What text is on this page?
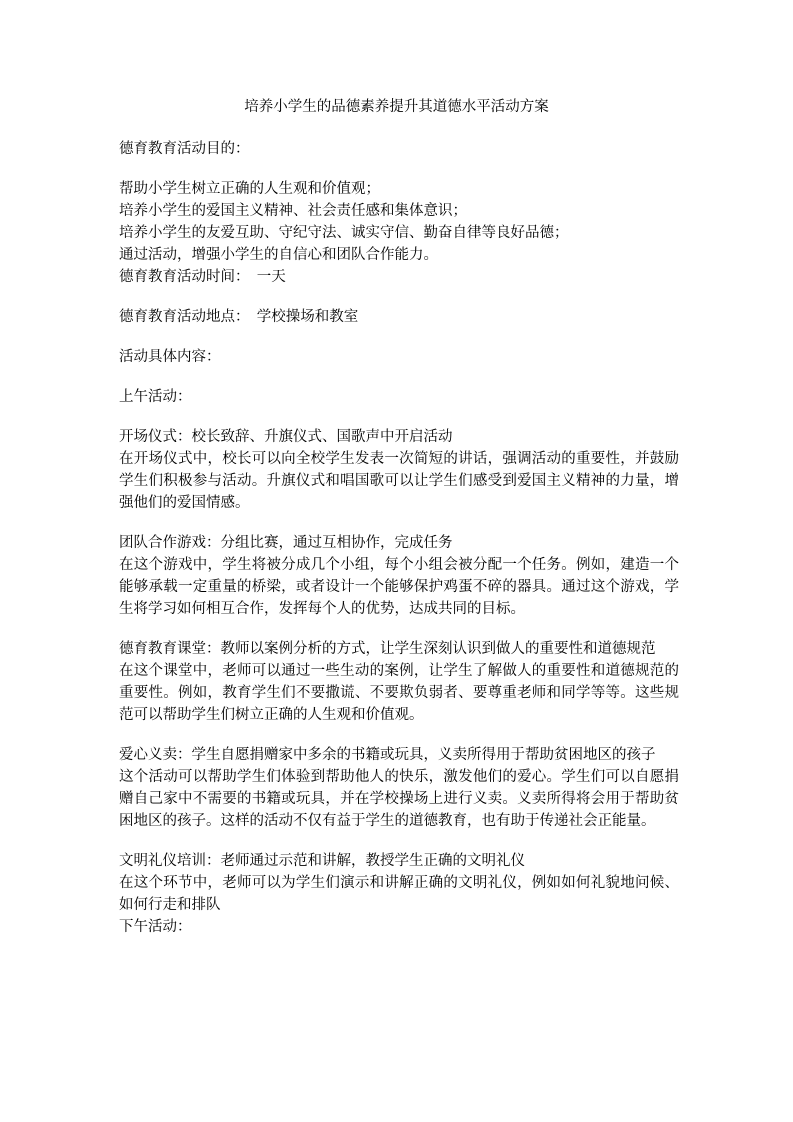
培养小学生的品德素养提升其道德水平活动方案
德育教育活动目的：
帮助小学生树立正确的人生观和价值观；
培养小学生的爱国主义精神、社会责任感和集体意识；
培养小学生的友爱互助、守纪守法、诚实守信、勤奋自律等良好品德；
通过活动，增强小学生的自信心和团队合作能力。
德育教育活动时间：　一天
德育教育活动地点：　学校操场和教室
活动具体内容：
上午活动：
开场仪式：校长致辞、升旗仪式、国歌声中开启活动
在开场仪式中，校长可以向全校学生发表一次简短的讲话，强调活动的重要性，并鼓励学生们积极参与活动。升旗仪式和唱国歌可以让学生们感受到爱国主义精神的力量，增强他们的爱国情感。
团队合作游戏：分组比赛，通过互相协作，完成任务
在这个游戏中，学生将被分成几个小组，每个小组会被分配一个任务。例如，建造一个能够承载一定重量的桥梁，或者设计一个能够保护鸡蛋不碎的器具。通过这个游戏，学生将学习如何相互合作，发挥每个人的优势，达成共同的目标。
德育教育课堂：教师以案例分析的方式，让学生深刻认识到做人的重要性和道德规范
在这个课堂中，老师可以通过一些生动的案例，让学生了解做人的重要性和道德规范的重要性。例如，教育学生们不要撒谎、不要欺负弱者、要尊重老师和同学等等。这些规范可以帮助学生们树立正确的人生观和价值观。
爱心义卖：学生自愿捐赠家中多余的书籍或玩具，义卖所得用于帮助贫困地区的孩子
这个活动可以帮助学生们体验到帮助他人的快乐，激发他们的爱心。学生们可以自愿捐赠自己家中不需要的书籍或玩具，并在学校操场上进行义卖。义卖所得将会用于帮助贫困地区的孩子。这样的活动不仅有益于学生的道德教育，也有助于传递社会正能量。
文明礼仪培训：老师通过示范和讲解，教授学生正确的文明礼仪
在这个环节中，老师可以为学生们演示和讲解正确的文明礼仪，例如如何礼貌地问候、如何行走和排队
下午活动：
